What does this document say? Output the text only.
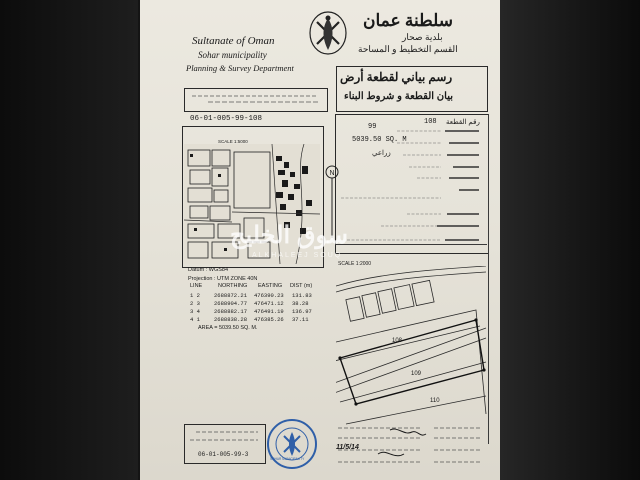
Sultanate of Oman
Sohar municipality
Planning & Survey Department
سلطنة عمان
بلدية صحار
القسم التخطيط و المساحة
رسم بياني لقطعة أرض
بيان القطعة و شروط البناء
06-01-005-99-108	108 رقم القطعة
99
5039.50 SQ. M
زراعي
SCALE 1:5000
N
SCALE 1:2000
Datum : WGS84
Projection : UTM ZONE 40N
LINE	NORTHING EASTING DIST (m)
1 2	2688872.21 476390.23 131.83
2 3	2688904.77 476471.12 38.28
3 4	2688882.17 476491.19 136.97
4 1	2688838.28 476385.26 37.11
AREA = 5039.50 SQ. M.
108
109
110
سوق الخليج
ALKHALEEJ SOUQ
06-01-005-99-3
SOHAR MUNICIPALITY
11/5/14
